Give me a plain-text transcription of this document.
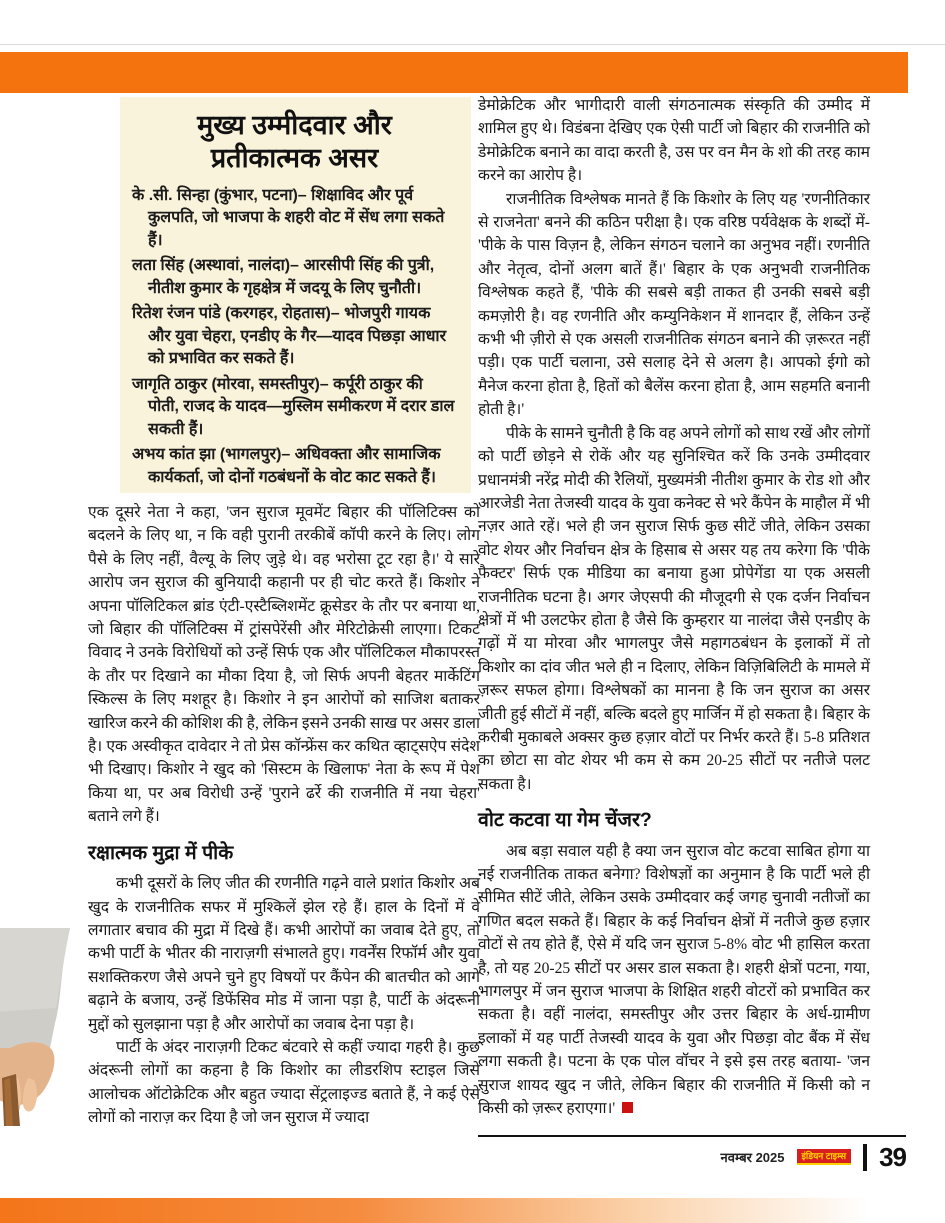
मुख्य उम्मीदवार और
प्रतीकात्मक असर
के .सी. सिन्हा (कुंभार, पटना)– शिक्षाविद और पूर्व कुलपति, जो भाजपा के शहरी वोट में सेंध लगा सकते हैं।
लता सिंह (अस्थावां, नालंदा)– आरसीपी सिंह की पुत्री, नीतीश कुमार के गृहक्षेत्र में जदयू के लिए चुनौती।
रितेश रंजन पांडे (करगहर, रोहतास)– भोजपुरी गायक और युवा चेहरा, एनडीए के गैर—यादव पिछड़ा आधार को प्रभावित कर सकते हैं।
जागृति ठाकुर (मोरवा, समस्तीपुर)– कर्पूरी ठाकुर की पोती, राजद के यादव—मुस्लिम समीकरण में दरार डाल सकती हैं।
अभय कांत झा (भागलपुर)– अधिवक्ता और सामाजिक कार्यकर्ता, जो दोनों गठबंधनों के वोट काट सकते हैं।

डेमोक्रेटिक और भागीदारी वाली संगठनात्मक संस्कृति की उम्मीद में शामिल हुए थे। विडंबना देखिए एक ऐसी पार्टी जो बिहार की राजनीति को डेमोक्रेटिक बनाने का वादा करती है, उस पर वन मैन के शो की तरह काम करने का आरोप है।

राजनीतिक विश्लेषक मानते हैं कि किशोर के लिए यह 'रणनीतिकार से राजनेता' बनने की कठिन परीक्षा है। एक वरिष्ठ पर्यवेक्षक के शब्दों में- 'पीके के पास विज़न है, लेकिन संगठन चलाने का अनुभव नहीं। रणनीति और नेतृत्व, दोनों अलग बातें हैं।' बिहार के एक अनुभवी राजनीतिक विश्लेषक कहते हैं, 'पीके की सबसे बड़ी ताकत ही उनकी सबसे बड़ी कमज़ोरी है। वह रणनीति और कम्युनिकेशन में शानदार हैं, लेकिन उन्हें कभी भी ज़ीरो से एक असली राजनीतिक संगठन बनाने की ज़रूरत नहीं पड़ी। एक पार्टी चलाना, उसे सलाह देने से अलग है। आपको ईगो को मैनेज करना होता है, हितों को बैलेंस करना होता है, आम सहमति बनानी होती है।'

पीके के सामने चुनौती है कि वह अपने लोगों को साथ रखें और लोगों को पार्टी छोड़ने से रोकें और यह सुनिश्चित करें कि उनके उम्मीदवार प्रधानमंत्री नरेंद्र मोदी की रैलियों, मुख्यमंत्री नीतीश कुमार के रोड शो और आरजेडी नेता तेजस्वी यादव के युवा कनेक्ट से भरे कैंपेन के माहौल में भी नज़र आते रहें। भले ही जन सुराज सिर्फ कुछ सीटें जीते, लेकिन उसका वोट शेयर और निर्वाचन क्षेत्र के हिसाब से असर यह तय करेगा कि 'पीके फैक्टर' सिर्फ एक मीडिया का बनाया हुआ प्रोपेगेंडा या एक असली राजनीतिक घटना है। अगर जेएसपी की मौजूदगी से एक दर्जन निर्वाचन क्षेत्रों में भी उलटफेर होता है जैसे कि कुम्हरार या नालंदा जैसे एनडीए के गढ़ों में या मोरवा और भागलपुर जैसे महागठबंधन के इलाकों में तो किशोर का दांव जीत भले ही न दिलाए, लेकिन विज़िबिलिटी के मामले में ज़रूर सफल होगा। विश्लेषकों का मानना है कि जन सुराज का असर जीती हुई सीटों में नहीं, बल्कि बदले हुए मार्जिन में हो सकता है। बिहार के करीबी मुकाबले अक्सर कुछ हज़ार वोटों पर निर्भर करते हैं। 5-8 प्रतिशत का छोटा सा वोट शेयर भी कम से कम 20-25 सीटों पर नतीजे पलट सकता है।

वोट कटवा या गेम चेंजर?

अब बड़ा सवाल यही है क्या जन सुराज वोट कटवा साबित होगा या नई राजनीतिक ताकत बनेगा? विशेषज्ञों का अनुमान है कि पार्टी भले ही सीमित सीटें जीते, लेकिन उसके उम्मीदवार कई जगह चुनावी नतीजों का गणित बदल सकते हैं। बिहार के कई निर्वाचन क्षेत्रों में नतीजे कुछ हज़ार वोटों से तय होते हैं, ऐसे में यदि जन सुराज 5-8% वोट भी हासिल करता है, तो यह 20-25 सीटों पर असर डाल सकता है। शहरी क्षेत्रों पटना, गया, भागलपुर में जन सुराज भाजपा के शिक्षित शहरी वोटरों को प्रभावित कर सकता है। वहीं नालंदा, समस्तीपुर और उत्तर बिहार के अर्ध-ग्रामीण इलाकों में यह पार्टी तेजस्वी यादव के युवा और पिछड़ा वोट बैंक में सेंध लगा सकती है। पटना के एक पोल वॉचर ने इसे इस तरह बताया- 'जन सुराज शायद खुद न जीते, लेकिन बिहार की राजनीति में किसी को न किसी को ज़रूर हराएगा।'

एक दूसरे नेता ने कहा, 'जन सुराज मूवमेंट बिहार की पॉलिटिक्स को बदलने के लिए था, न कि वही पुरानी तरकीबें कॉपी करने के लिए। लोग पैसे के लिए नहीं, वैल्यू के लिए जुड़े थे। वह भरोसा टूट रहा है।' ये सारे आरोप जन सुराज की बुनियादी कहानी पर ही चोट करते हैं। किशोर ने अपना पॉलिटिकल ब्रांड एंटी-एस्टैब्लिशमेंट क्रूसेडर के तौर पर बनाया था, जो बिहार की पॉलिटिक्स में ट्रांसपेरेंसी और मेरिटोक्रेसी लाएगा। टिकट विवाद ने उनके विरोधियों को उन्हें सिर्फ एक और पॉलिटिकल मौकापरस्त के तौर पर दिखाने का मौका दिया है, जो सिर्फ अपनी बेहतर मार्केटिंग स्किल्स के लिए मशहूर है। किशोर ने इन आरोपों को साजिश बताकर खारिज करने की कोशिश की है, लेकिन इसने उनकी साख पर असर डाला है। एक अस्वीकृत दावेदार ने तो प्रेस कॉन्फ्रेंस कर कथित व्हाट्सऐप संदेश भी दिखाए। किशोर ने खुद को 'सिस्टम के खिलाफ' नेता के रूप में पेश किया था, पर अब विरोधी उन्हें 'पुराने ढर्रे की राजनीति में नया चेहरा' बताने लगे हैं।

रक्षात्मक मुद्रा में पीके

कभी दूसरों के लिए जीत की रणनीति गढ़ने वाले प्रशांत किशोर अब खुद के राजनीतिक सफर में मुश्किलें झेल रहे हैं। हाल के दिनों में वे लगातार बचाव की मुद्रा में दिखे हैं। कभी आरोपों का जवाब देते हुए, तो कभी पार्टी के भीतर की नाराज़गी संभालते हुए। गवर्नेंस रिफॉर्म और युवा सशक्तिकरण जैसे अपने चुने हुए विषयों पर कैंपेन की बातचीत को आगे बढ़ाने के बजाय, उन्हें डिफेंसिव मोड में जाना पड़ा है, पार्टी के अंदरूनी मुद्दों को सुलझाना पड़ा है और आरोपों का जवाब देना पड़ा है।

पार्टी के अंदर नाराज़गी टिकट बंटवारे से कहीं ज्यादा गहरी है। कुछ अंदरूनी लोगों का कहना है कि किशोर का लीडरशिप स्टाइल जिसे आलोचक ऑटोक्रेटिक और बहुत ज्यादा सेंट्रलाइज्ड बताते हैं, ने कई ऐसे लोगों को नाराज़ कर दिया है जो जन सुराज में ज्यादा

नवम्बर 2025	इंडियन टाइम्स 39
